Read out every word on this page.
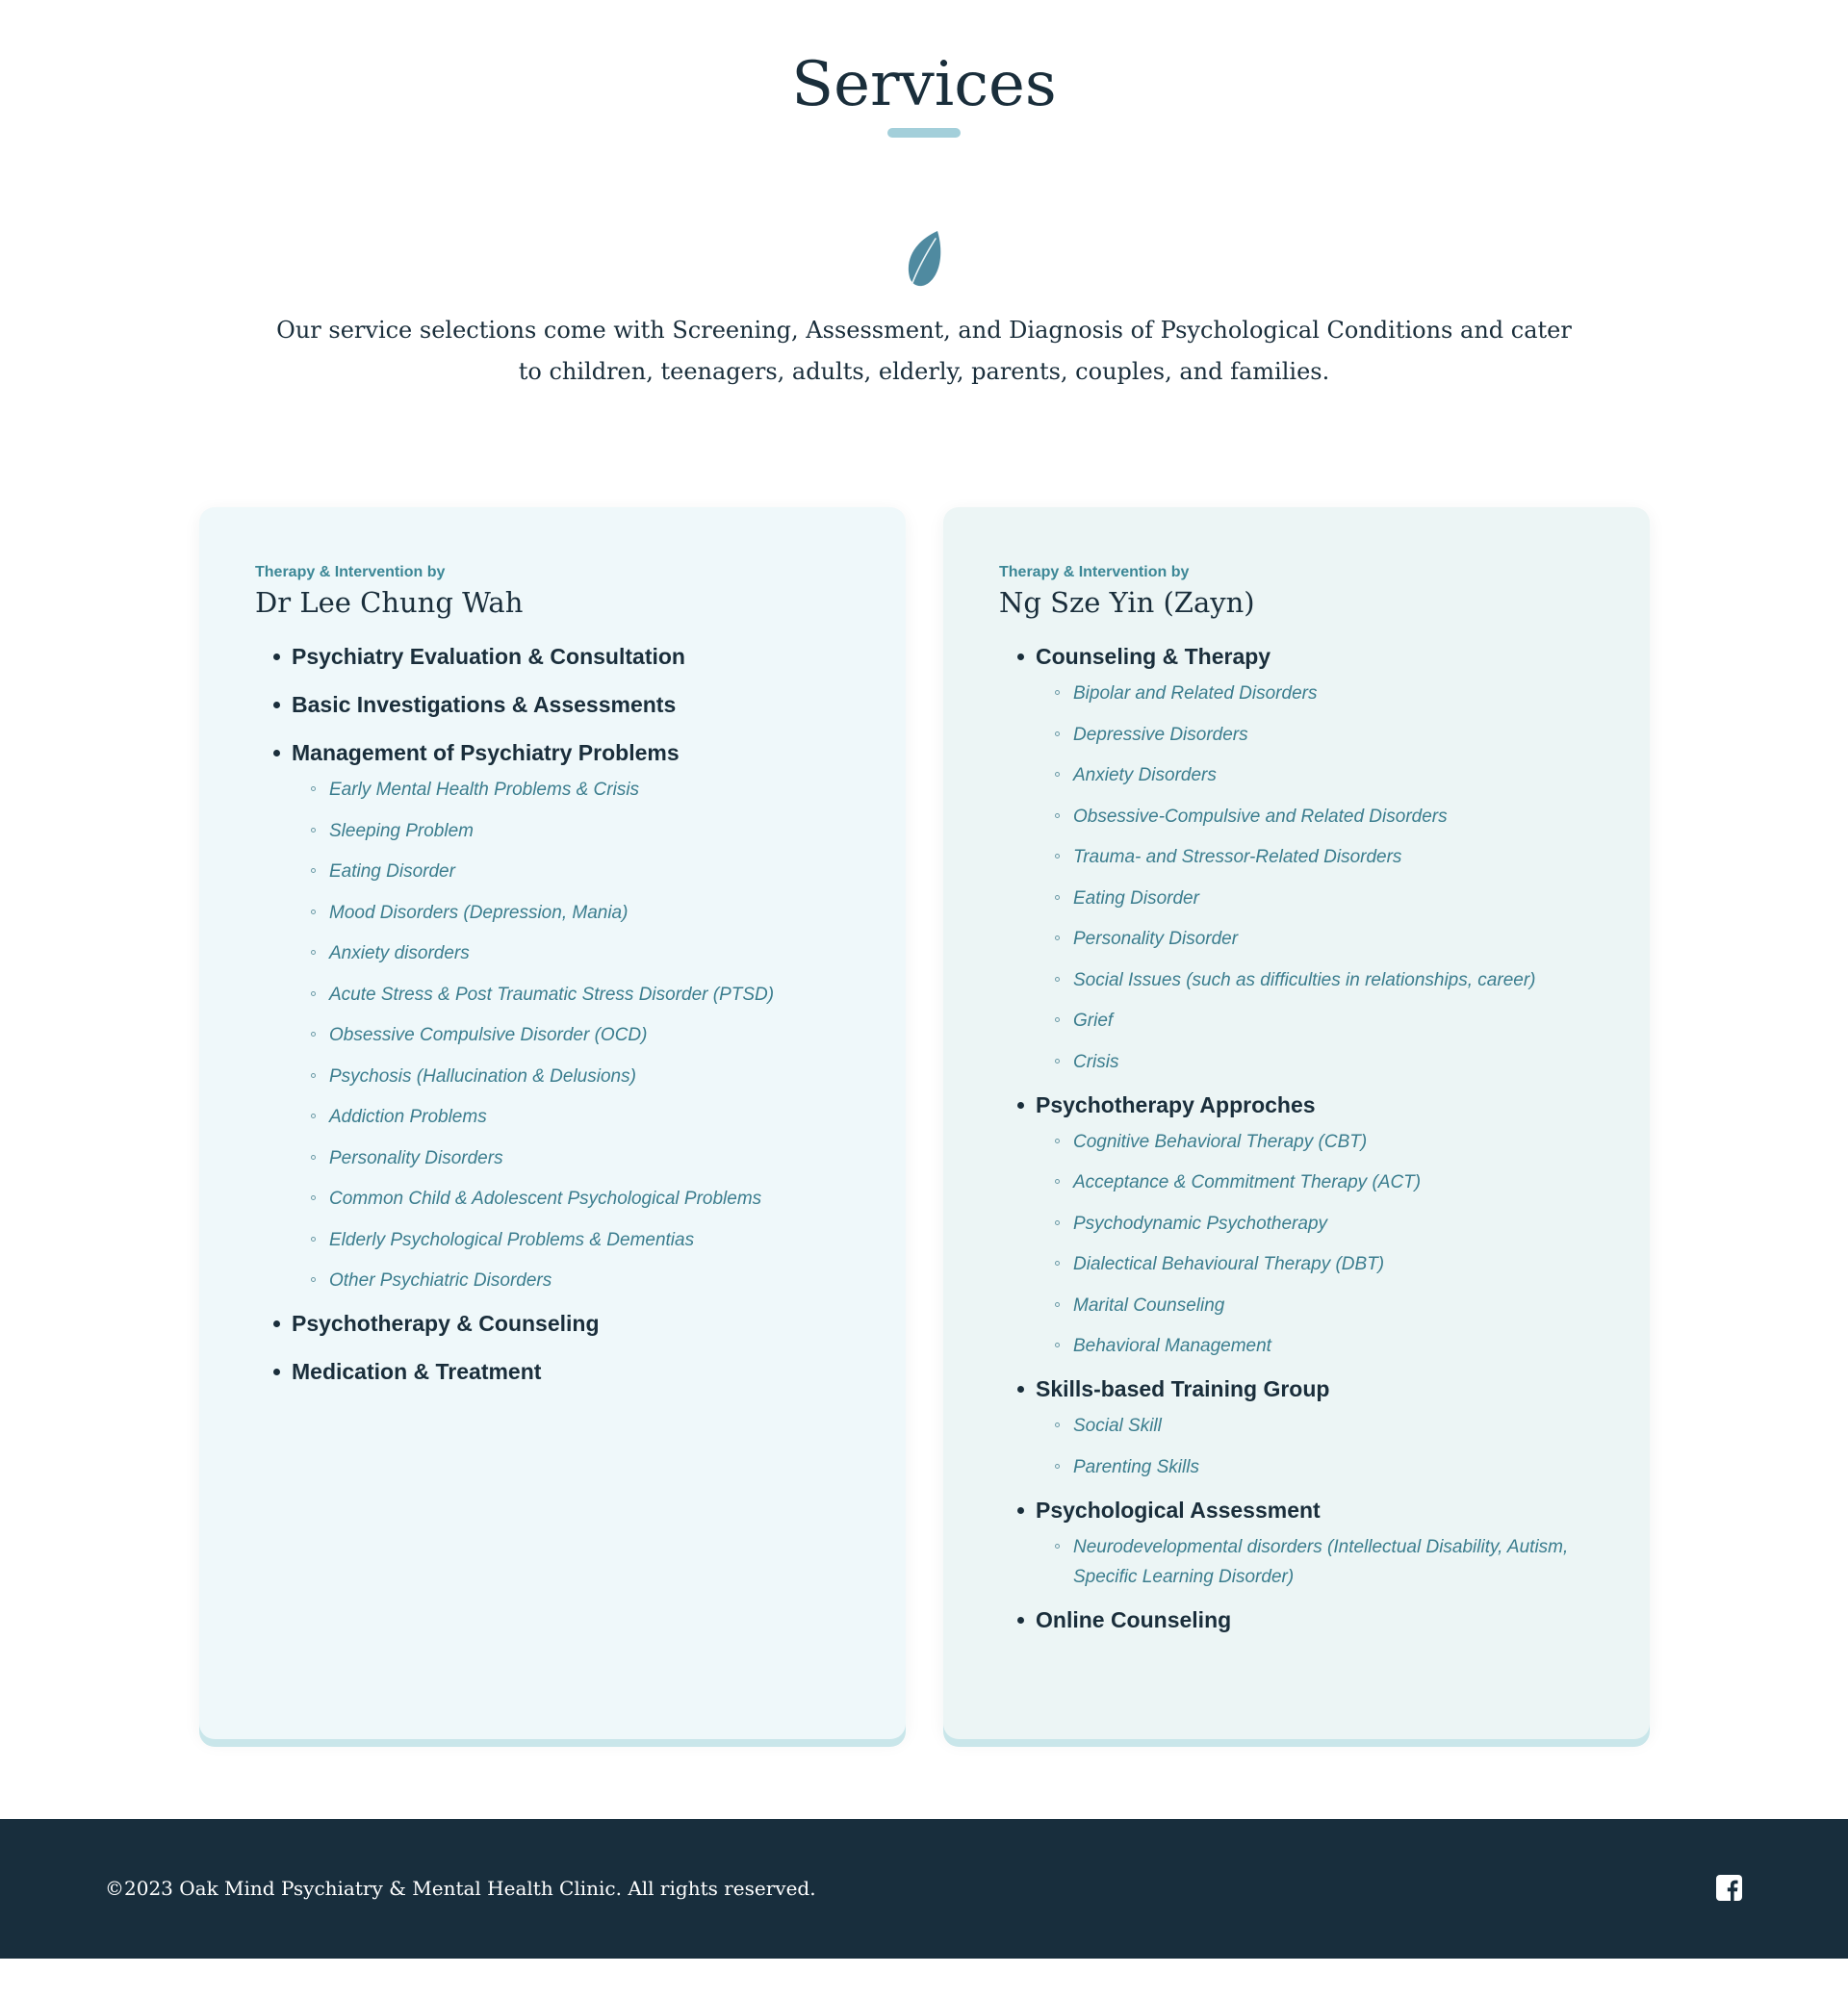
Services

Our service selections come with Screening, Assessment, and Diagnosis of Psychological Conditions and cater to children, teenagers, adults, elderly, parents, couples, and families.

Therapy & Intervention by

Dr Lee Chung Wah
Psychiatry Evaluation & Consultation
Basic Investigations & Assessments
Management of Psychiatry Problems
Early Mental Health Problems & Crisis
Sleeping Problem
Eating Disorder
Mood Disorders (Depression, Mania)
Anxiety disorders
Acute Stress & Post Traumatic Stress Disorder (PTSD)
Obsessive Compulsive Disorder (OCD)
Psychosis (Hallucination & Delusions)
Addiction Problems
Personality Disorders
Common Child & Adolescent Psychological Problems
Elderly Psychological Problems & Dementias
Other Psychiatric Disorders
Psychotherapy & Counseling
Medication & Treatment

Therapy & Intervention by

Ng Sze Yin (Zayn)
Counseling & Therapy
Bipolar and Related Disorders
Depressive Disorders
Anxiety Disorders
Obsessive-Compulsive and Related Disorders
Trauma- and Stressor-Related Disorders
Eating Disorder
Personality Disorder
Social Issues (such as difficulties in relationships, career)
Grief
Crisis
Psychotherapy Approches
Cognitive Behavioral Therapy (CBT)
Acceptance & Commitment Therapy (ACT)
Psychodynamic Psychotherapy
Dialectical Behavioural Therapy (DBT)
Marital Counseling
Behavioral Management
Skills-based Training Group
Social Skill
Parenting Skills
Psychological Assessment
Neurodevelopmental disorders (Intellectual Disability, Autism, Specific Learning Disorder)
Online Counseling

©2023 Oak Mind Psychiatry & Mental Health Clinic. All rights reserved.
